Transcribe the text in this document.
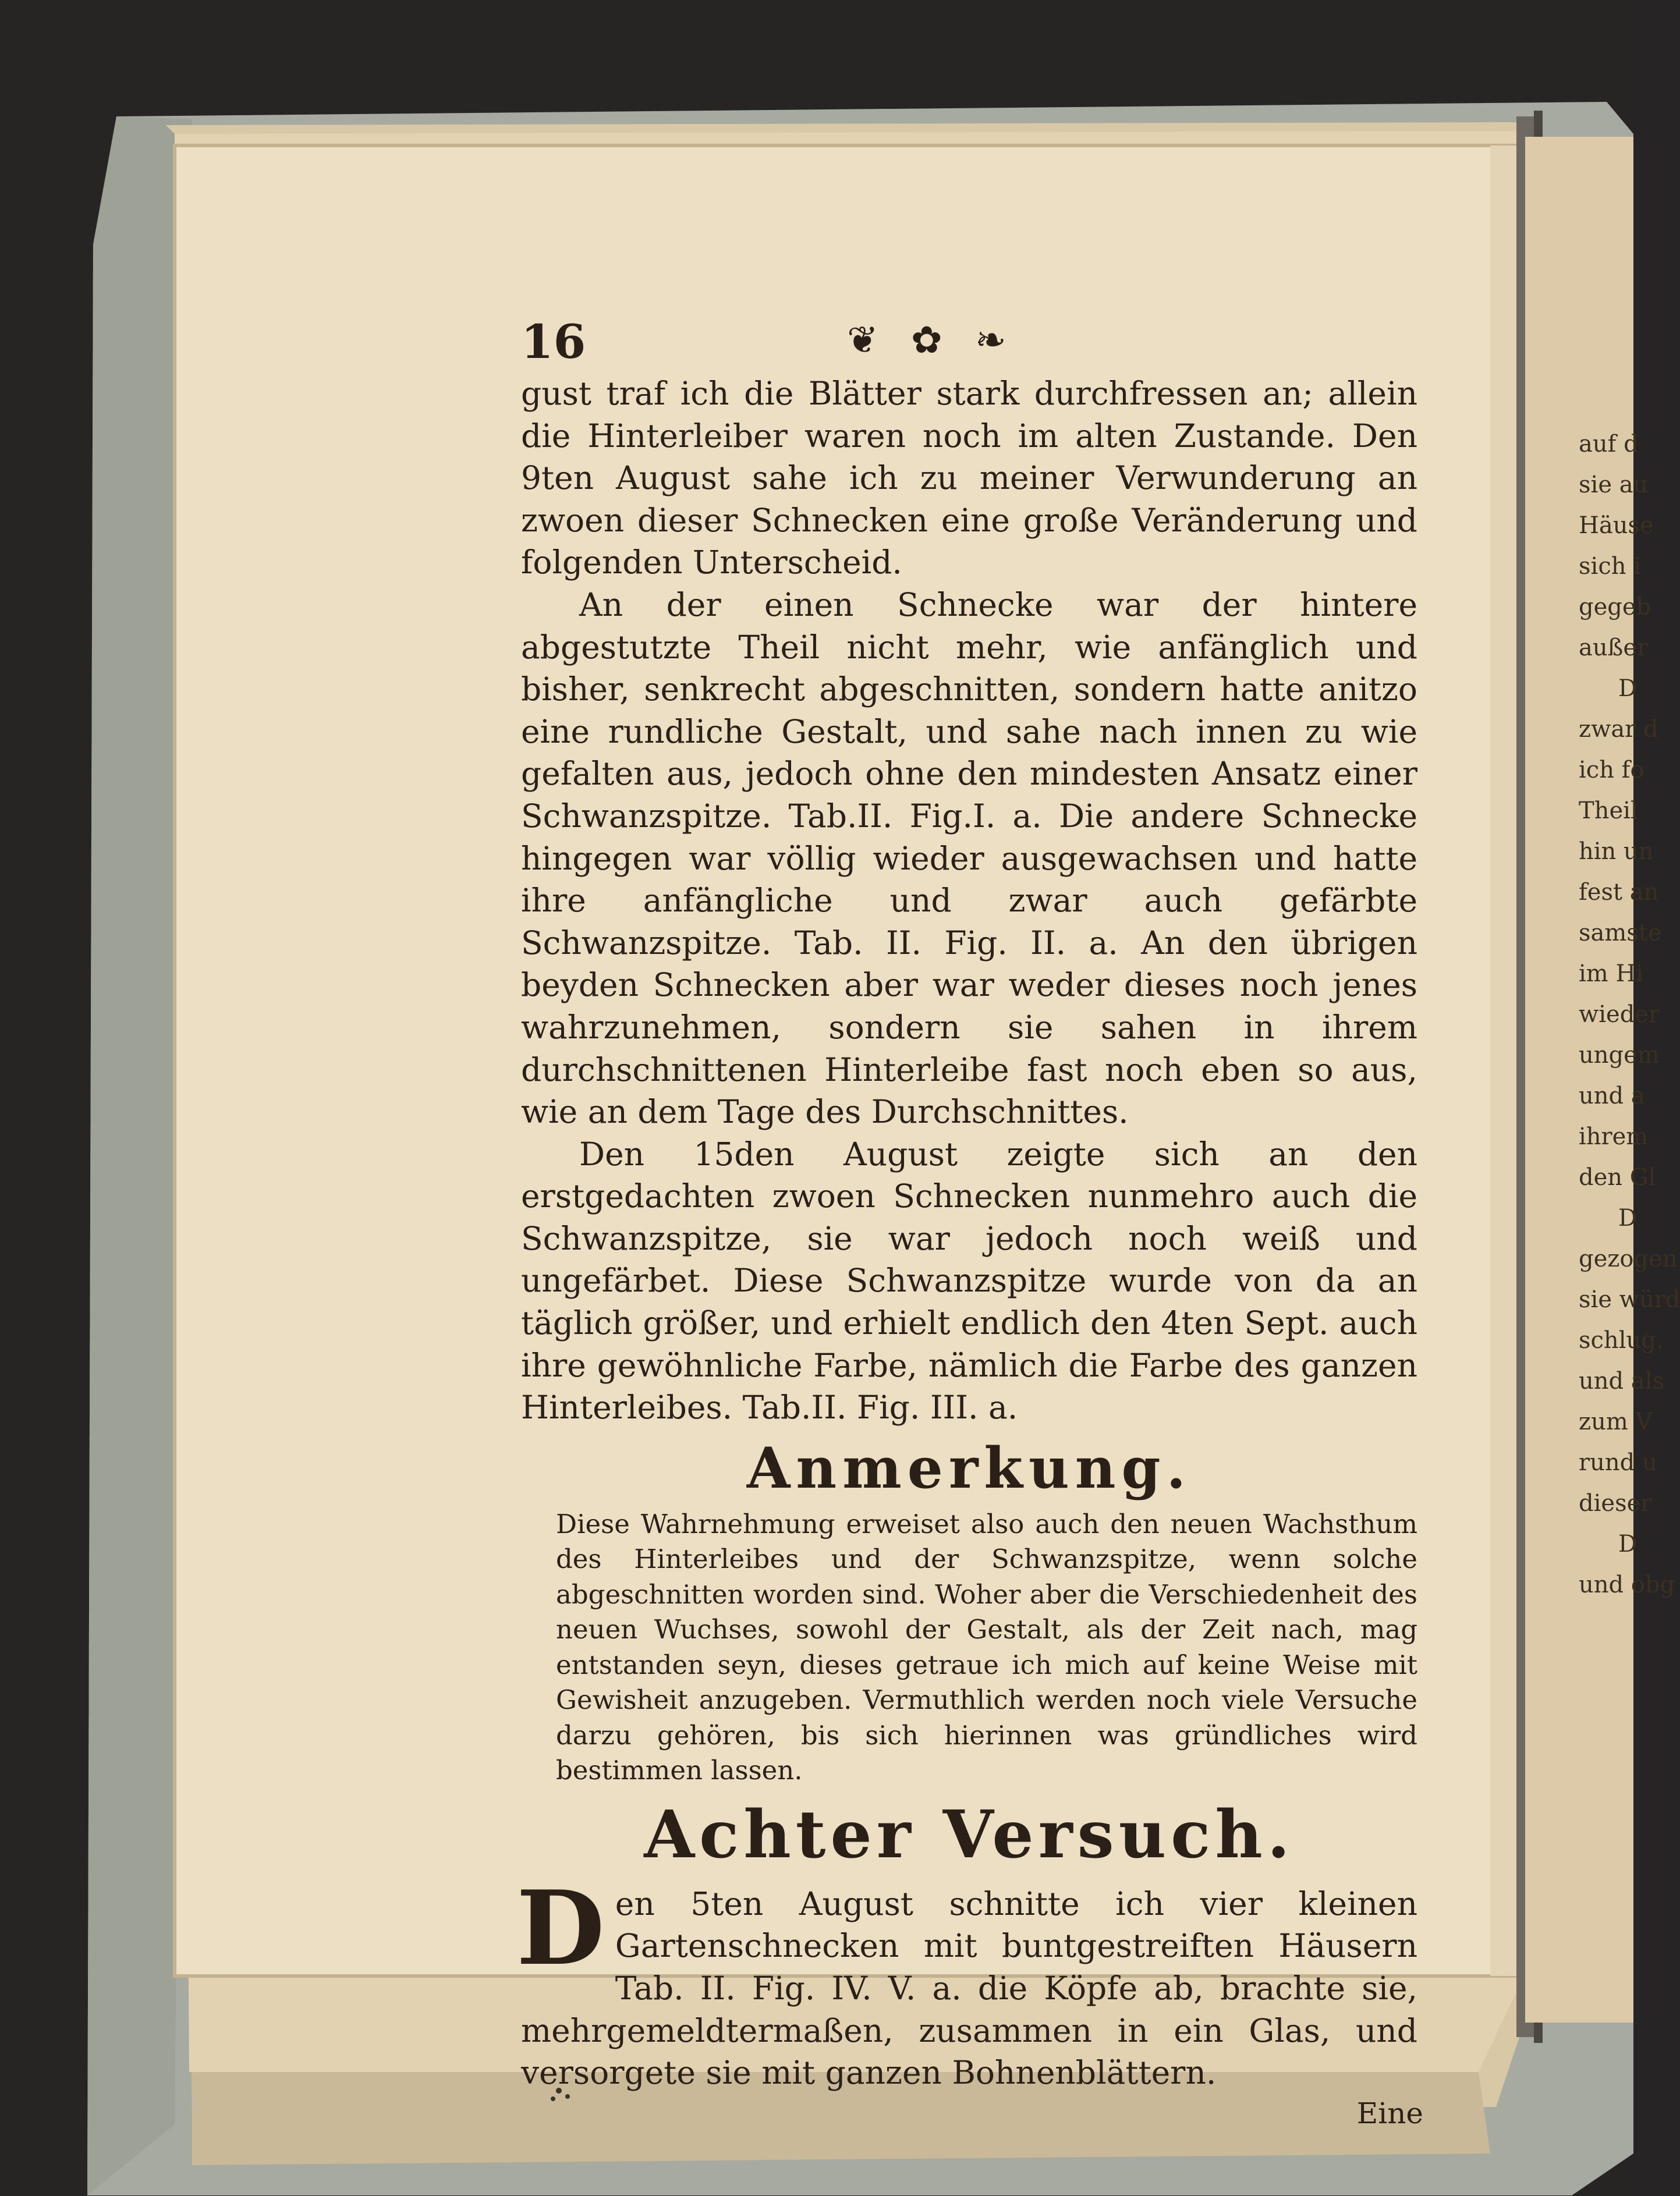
auf d
sie au
Häuse
sich i
gegeb
außer
D
zwar d
ich fo
Theil
hin un
fest an
samste
im Hi
wieder
ungem
und a
ihrem
den Gl
D
gezogen
sie würd
schlug.
und als
zum V
rund u
dieser
D
und obg
16	❦ ✿ ❧

gust traf ich die Blätter stark durchfressen an; allein die Hinterleiber waren noch im alten Zustande. Den 9ten August sahe ich zu meiner Verwunderung an zwoen dieser Schnecken eine große Veränderung und folgenden Unterscheid.

An der einen Schnecke war der hintere abgestutzte Theil nicht mehr, wie anfänglich und bisher, senkrecht abgeschnitten, sondern hatte anitzo eine rundliche Gestalt, und sahe nach innen zu wie gefalten aus, jedoch ohne den mindesten Ansatz einer Schwanzspitze. Tab.II. Fig.I. a. Die andere Schnecke hingegen war völlig wieder ausgewachsen und hatte ihre anfängliche und zwar auch gefärbte Schwanzspitze. Tab. II. Fig. II. a. An den übrigen beyden Schnecken aber war weder dieses noch jenes wahrzunehmen, sondern sie sahen in ihrem durchschnittenen Hinterleibe fast noch eben so aus, wie an dem Tage des Durchschnittes.

Den 15den August zeigte sich an den erstgedachten zwoen Schnecken nunmehro auch die Schwanzspitze, sie war jedoch noch weiß und ungefärbet. Diese Schwanzspitze wurde von da an täglich größer, und erhielt endlich den 4ten Sept. auch ihre gewöhnliche Farbe, nämlich die Farbe des ganzen Hinterleibes. Tab.II. Fig. III. a.

Anmerkung.

Diese Wahrnehmung erweiset also auch den neuen Wachsthum des Hinterleibes und der Schwanzspitze, wenn solche abgeschnitten worden sind. Woher aber die Verschiedenheit des neuen Wuchses, sowohl der Gestalt, als der Zeit nach, mag entstanden seyn, dieses getraue ich mich auf keine Weise mit Gewisheit anzugeben. Vermuthlich werden noch viele Versuche darzu gehören, bis sich hierinnen was gründliches wird bestimmen lassen.

Achter Versuch.
D en 5ten August schnitte ich vier kleinen Gartenschnecken mit buntgestreiften Häusern Tab. II. Fig. IV. V. a. die Köpfe ab, brachte sie, mehrgemeldtermaßen, zusammen in ein Glas, und versorgete sie mit ganzen Bohnenblättern.

Eine
